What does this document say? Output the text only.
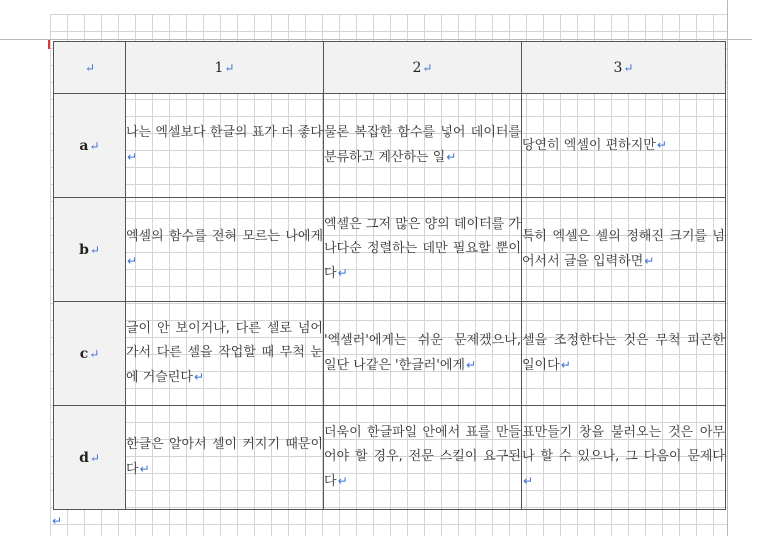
↵	1↵	2↵	3↵
a↵	나는 엑셀보다 한글의 표가 더 좋다↵	물론 복잡한 함수를 넣어 데이터를 분류하고 계산하는 일↵	당연히 엑셀이 편하지만↵
b↵	엑셀의 함수를 전혀 모르는 나에게↵	엑셀은 그저 많은 양의 데이터를 가나다순 정렬하는 데만 필요할 뿐이다↵	특히 엑셀은 셀의 정해진 크기를 넘어서서 글을 입력하면↵
c↵	글이 안 보이거나, 다른 셀로 넘어가서 다른 셀을 작업할 때 무척 눈에 거슬린다↵	'엑셀러'에게는 쉬운 문제겠으나, 일단 나같은 '한글러'에게↵	셀을 조정한다는 것은 무척 피곤한 일이다↵
d↵	한글은 알아서 셀이 커지기 때문이다↵	더욱이 한글파일 안에서 표를 만들어야 할 경우, 전문 스킬이 요구된다↵	표만들기 창을 불러오는 것은 아무나 할 수 있으나, 그 다음이 문제다↵
↵
